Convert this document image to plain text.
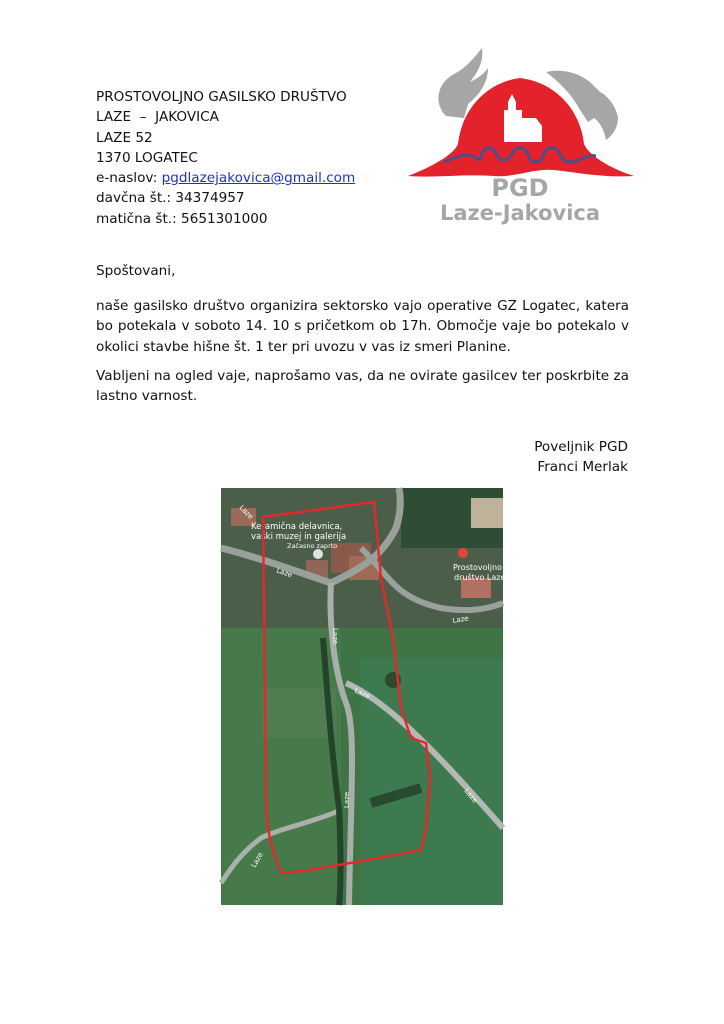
PROSTOVOLJNO GASILSKO DRUŠTVO
LAZE  –  JAKOVICA
LAZE 52
1370 LOGATEC
e-naslov: pgdlazejakovica@gmail.com
davčna št.: 34374957
matična št.: 5651301000
PGD
Laze-Jakovica
Spoštovani,
naše gasilsko društvo organizira sektorsko vajo operative GZ Logatec, katera bo potekala v soboto 14. 10 s pričetkom ob 17h. Območje vaje bo potekalo v okolici stavbe hišne št. 1 ter pri uvozu v vas iz smeri Planine.
Vabljeni na ogled vaje, naprošamo vas, da ne ovirate gasilcev ter poskrbite za lastno varnost.
Poveljnik PGD
Franci Merlak
Keramična delavnica,
vaški muzej in galerija
Začasno zaprto
Prostovoljno g
društvo Laze-
Laze
Laze
Laze
Laze
Laze
Laze
Laze
Laze
